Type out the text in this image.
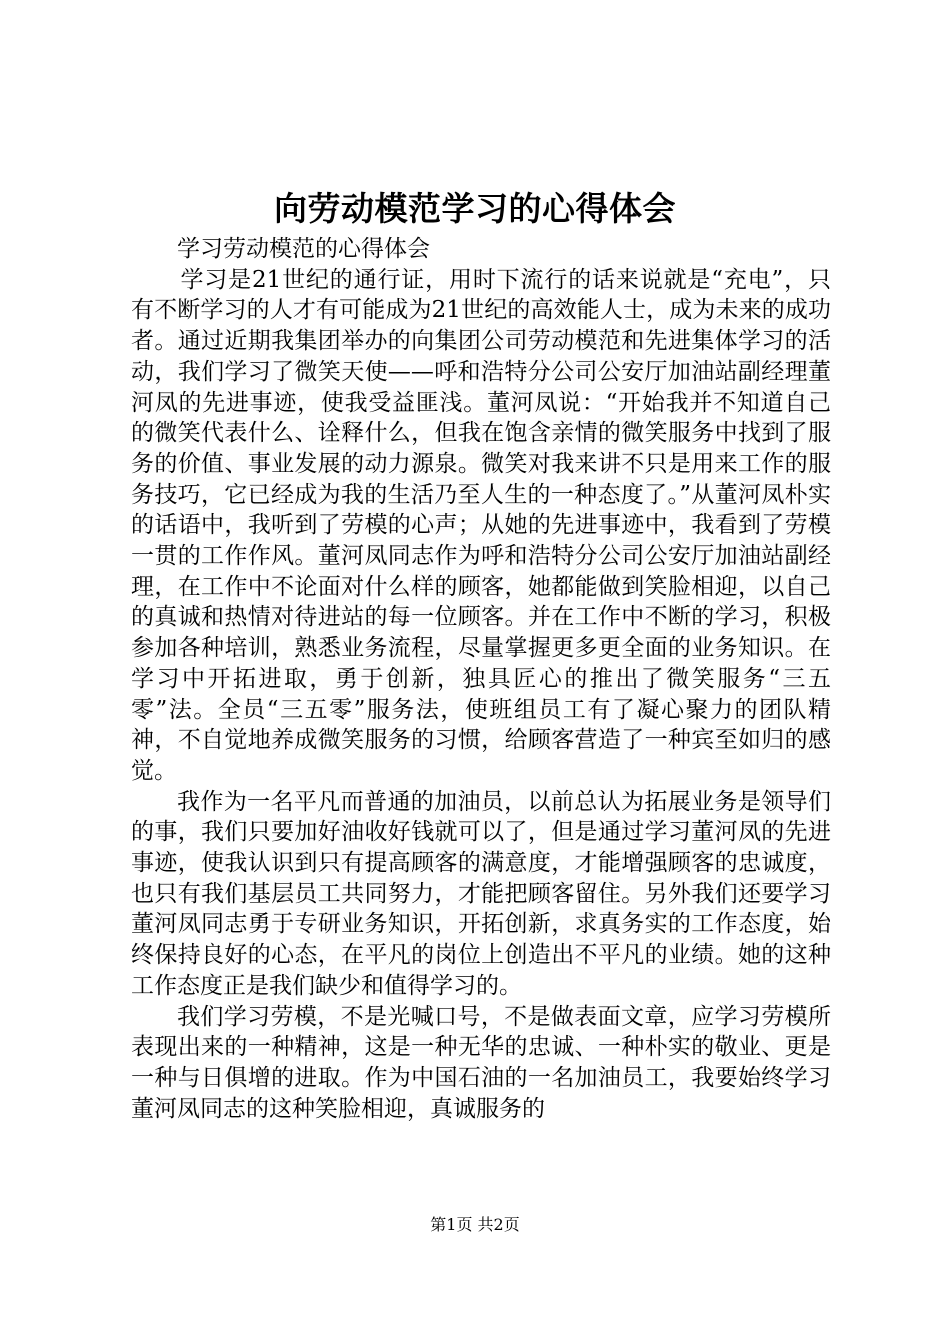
向劳动模范学习的心得体会

学习劳动模范的心得体会

学习是21世纪的通行证，用时下流行的话来说就是“充电”，只有不断学习的人才有可能成为21世纪的高效能人士，成为未来的成功者。通过近期我集团举办的向集团公司劳动模范和先进集体学习的活动，我们学习了微笑天使——呼和浩特分公司公安厅加油站副经理董河凤的先进事迹，使我受益匪浅。董河凤说：“开始我并不知道自己的微笑代表什么、诠释什么，但我在饱含亲情的微笑服务中找到了服务的价值、事业发展的动力源泉。微笑对我来讲不只是用来工作的服务技巧，它已经成为我的生活乃至人生的一种态度了。”从董河凤朴实的话语中，我听到了劳模的心声；从她的先进事迹中，我看到了劳模一贯的工作作风。董河凤同志作为呼和浩特分公司公安厅加油站副经理，在工作中不论面对什么样的顾客，她都能做到笑脸相迎，以自己的真诚和热情对待进站的每一位顾客。并在工作中不断的学习，积极参加各种培训，熟悉业务流程，尽量掌握更多更全面的业务知识。在学习中开拓进取，勇于创新，独具匠心的推出了微笑服务“三五零”法。全员“三五零”服务法，使班组员工有了凝心聚力的团队精神，不自觉地养成微笑服务的习惯，给顾客营造了一种宾至如归的感觉。

我作为一名平凡而普通的加油员，以前总认为拓展业务是领导们的事，我们只要加好油收好钱就可以了，但是通过学习董河凤的先进事迹，使我认识到只有提高顾客的满意度，才能增强顾客的忠诚度，也只有我们基层员工共同努力，才能把顾客留住。另外我们还要学习董河凤同志勇于专研业务知识，开拓创新，求真务实的工作态度，始终保持良好的心态，在平凡的岗位上创造出不平凡的业绩。她的这种工作态度正是我们缺少和值得学习的。

我们学习劳模，不是光喊口号，不是做表面文章，应学习劳模所表现出来的一种精神，这是一种无华的忠诚、一种朴实的敬业、更是一种与日俱增的进取。作为中国石油的一名加油员工，我要始终学习董河凤同志的这种笑脸相迎，真诚服务的

第1页 共2页
